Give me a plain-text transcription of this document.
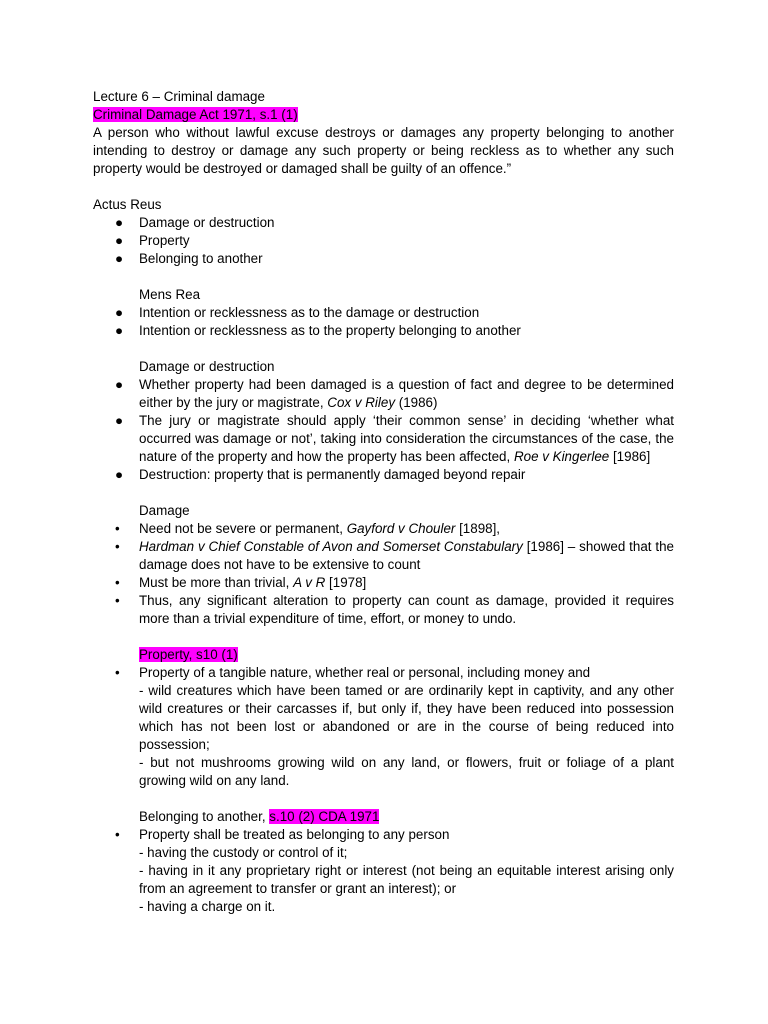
Lecture 6 – Criminal damage
Criminal Damage Act 1971, s.1 (1)
A person who without lawful excuse destroys or damages any property belonging to another intending to destroy or damage any such property or being reckless as to whether any such property would be destroyed or damaged shall be guilty of an offence.”
Actus Reus
● Damage or destruction
● Property
● Belonging to another
Mens Rea
● Intention or recklessness as to the damage or destruction
● Intention or recklessness as to the property belonging to another
Damage or destruction
● Whether property had been damaged is a question of fact and degree to be determined either by the jury or magistrate, Cox v Riley (1986)
● The jury or magistrate should apply ‘their common sense’ in deciding ‘whether what occurred was damage or not’, taking into consideration the circumstances of the case, the nature of the property and how the property has been affected, Roe v Kingerlee [1986]
● Destruction: property that is permanently damaged beyond repair
Damage
• Need not be severe or permanent, Gayford v Chouler [1898],
• Hardman v Chief Constable of Avon and Somerset Constabulary [1986] – showed that the damage does not have to be extensive to count
• Must be more than trivial, A v R [1978]
• Thus, any significant alteration to property can count as damage, provided it requires more than a trivial expenditure of time, effort, or money to undo.
Property, s10 (1)
• Property of a tangible nature, whether real or personal, including money and
- wild creatures which have been tamed or are ordinarily kept in captivity, and any other wild creatures or their carcasses if, but only if, they have been reduced into possession which has not been lost or abandoned or are in the course of being reduced into possession;
- but not mushrooms growing wild on any land, or flowers, fruit or foliage of a plant growing wild on any land.
Belonging to another, s.10 (2) CDA 1971
• Property shall be treated as belonging to any person
- having the custody or control of it;
- having in it any proprietary right or interest (not being an equitable interest arising only from an agreement to transfer or grant an interest); or
- having a charge on it.
